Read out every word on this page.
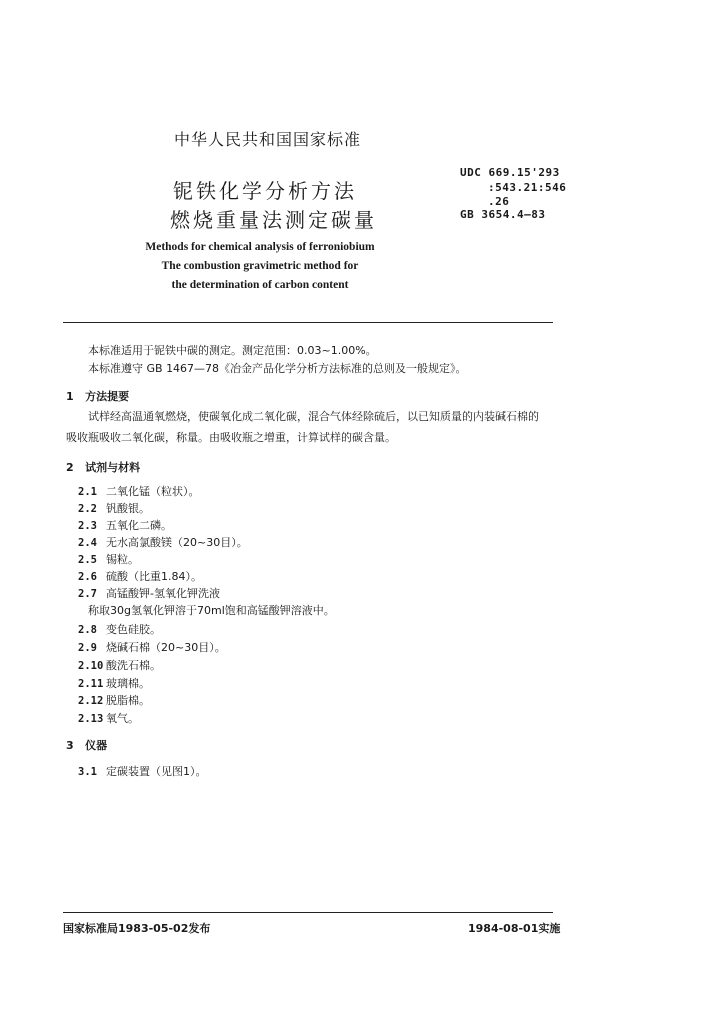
中华人民共和国国家标准
铌铁化学分析方法
燃烧重量法测定碳量
UDC 669.15'293
:543.21:546
.26
GB 3654.4—83
Methods for chemical analysis of ferroniobium
The combustion gravimetric method for
the determination of carbon content
本标准适用于铌铁中碳的测定。测定范围：0.03~1.00%。
本标准遵守 GB 1467—78《冶金产品化学分析方法标准的总则及一般规定》。
1 方法提要
试样经高温通氧燃烧，使碳氧化成二氧化碳，混合气体经除硫后，以已知质量的内装碱石棉的
吸收瓶吸收二氧化碳，称量。由吸收瓶之增重，计算试样的碳含量。
2 试剂与材料
2.1 二氧化锰（粒状）。
2.2 钒酸银。
2.3 五氧化二磷。
2.4 无水高氯酸镁（20~30目）。
2.5 锡粒。
2.6 硫酸（比重1.84）。
2.7 高锰酸钾-氢氧化钾洗液
称取30g氢氧化钾溶于70ml饱和高锰酸钾溶液中。
2.8 变色硅胶。
2.9 烧碱石棉（20~30目）。
2.10 酸洗石棉。
2.11 玻璃棉。
2.12 脱脂棉。
2.13 氧气。
3 仪器
3.1 定碳装置（见图1）。
国家标准局1983-05-02发布	1984-08-01实施
